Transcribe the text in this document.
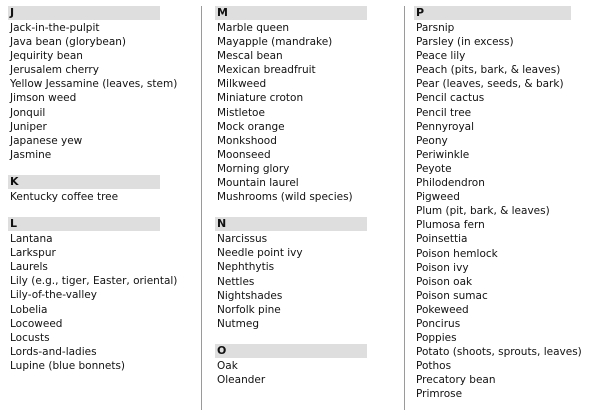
J
Jack-in-the-pulpit
Java bean (glorybean)
Jequirity bean
Jerusalem cherry
Yellow Jessamine (leaves, stem)
Jimson weed
Jonquil
Juniper
Japanese yew
Jasmine
K
Kentucky coffee tree
L
Lantana
Larkspur
Laurels
Lily (e.g., tiger, Easter, oriental)
Lily-of-the-valley
Lobelia
Locoweed
Locusts
Lords-and-ladies
Lupine (blue bonnets)
M
Marble queen
Mayapple (mandrake)
Mescal bean
Mexican breadfruit
Milkweed
Miniature croton
Mistletoe
Mock orange
Monkshood
Moonseed
Morning glory
Mountain laurel
Mushrooms (wild species)
N
Narcissus
Needle point ivy
Nephthytis
Nettles
Nightshades
Norfolk pine
Nutmeg
O
Oak
Oleander
P
Parsnip
Parsley (in excess)
Peace lily
Peach (pits, bark, & leaves)
Pear (leaves, seeds, & bark)
Pencil cactus
Pencil tree
Pennyroyal
Peony
Periwinkle
Peyote
Philodendron
Pigweed
Plum (pit, bark, & leaves)
Plumosa fern
Poinsettia
Poison hemlock
Poison ivy
Poison oak
Poison sumac
Pokeweed
Poncirus
Poppies
Potato (shoots, sprouts, leaves)
Pothos
Precatory bean
Primrose
